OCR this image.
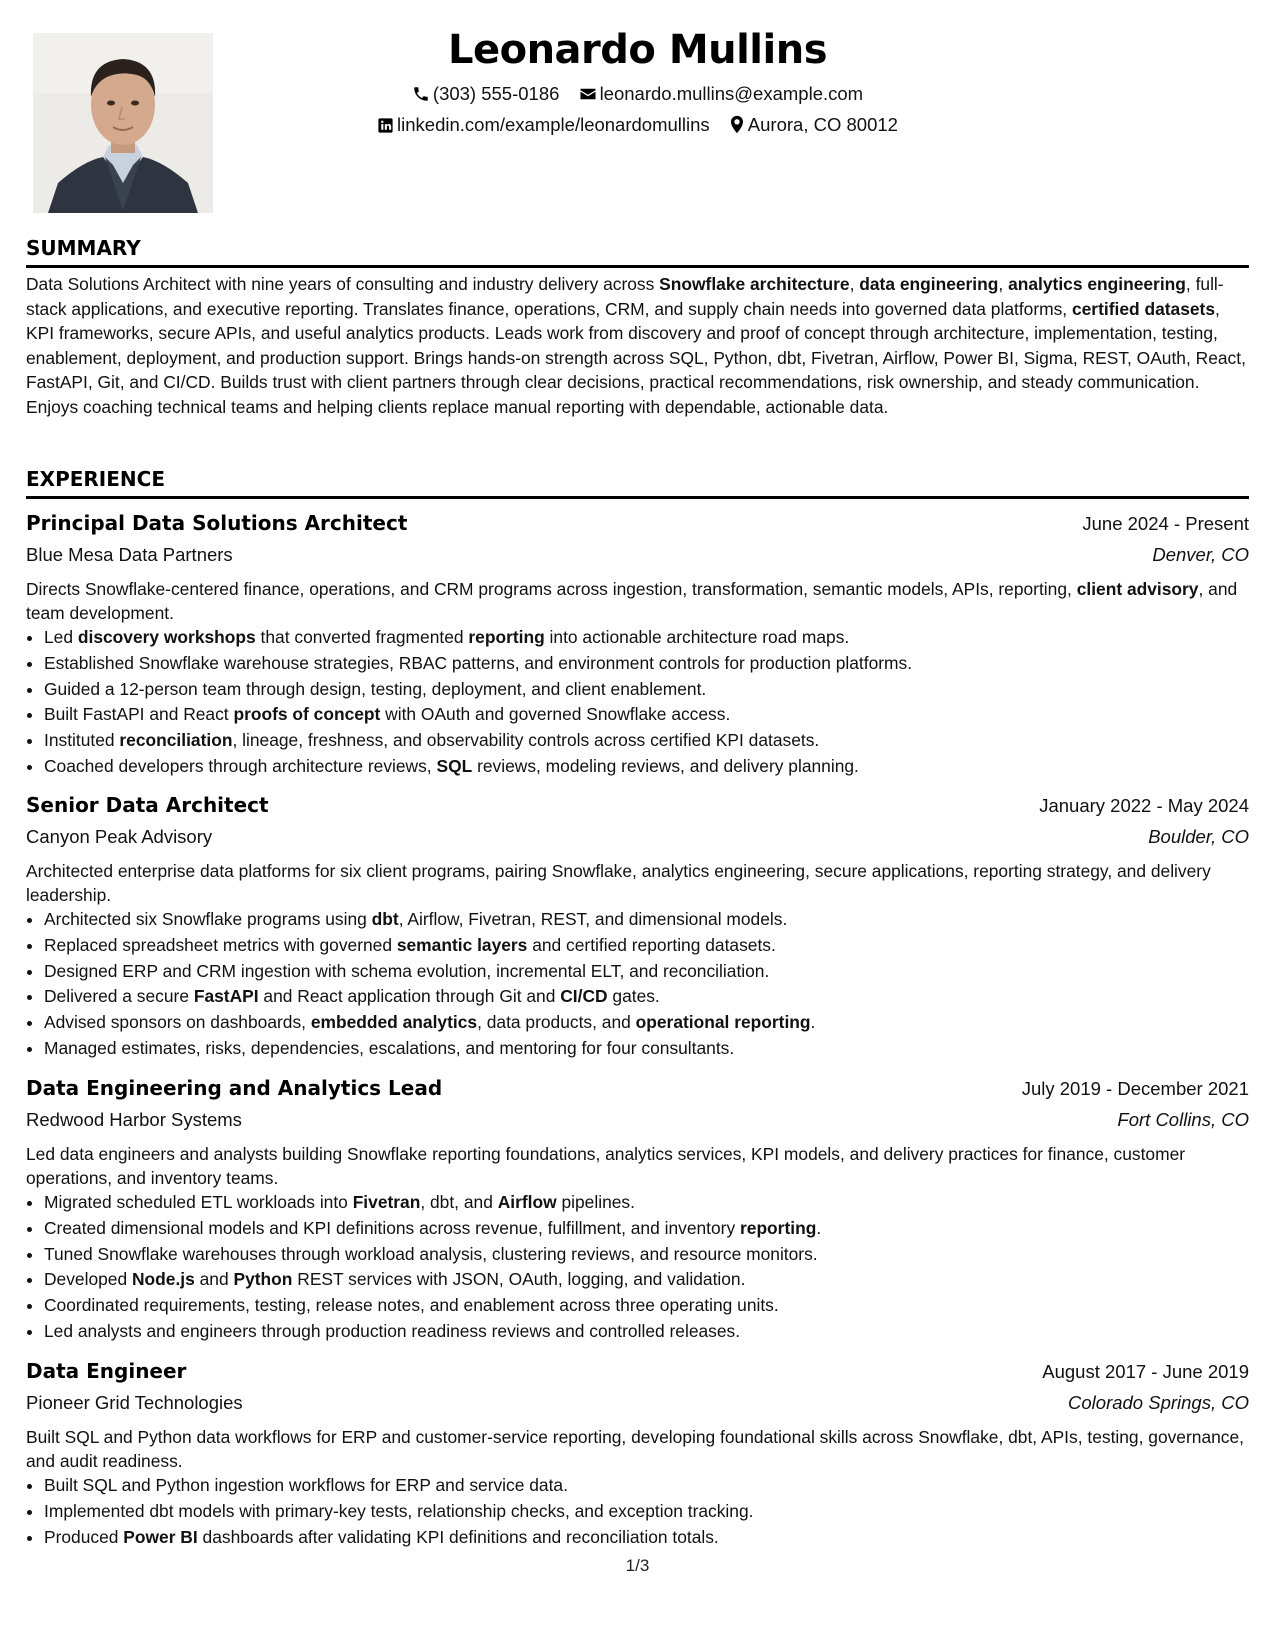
Leonardo Mullins
(303) 555-0186 leonardo.mullins@example.com
linkedin.com/example/leonardomullins Aurora, CO 80012
SUMMARY

Data Solutions Architect with nine years of consulting and industry delivery across Snowflake architecture, data engineering, analytics engineering, full-stack applications, and executive reporting. Translates finance, operations, CRM, and supply chain needs into governed data platforms, certified datasets, KPI frameworks, secure APIs, and useful analytics products. Leads work from discovery and proof of concept through architecture, implementation, testing, enablement, deployment, and production support. Brings hands-on strength across SQL, Python, dbt, Fivetran, Airflow, Power BI, Sigma, REST, OAuth, React, FastAPI, Git, and CI/CD. Builds trust with client partners through clear decisions, practical recommendations, risk ownership, and steady communication. Enjoys coaching technical teams and helping clients replace manual reporting with dependable, actionable data.

EXPERIENCE
Principal Data Solutions Architect	June 2024 - Present
Blue Mesa Data Partners	Denver, CO
Directs Snowflake-centered finance, operations, and CRM programs across ingestion, transformation, semantic models, APIs, reporting, client advisory, and team development.
• Led discovery workshops that converted fragmented reporting into actionable architecture road maps.
• Established Snowflake warehouse strategies, RBAC patterns, and environment controls for production platforms.
• Guided a 12-person team through design, testing, deployment, and client enablement.
• Built FastAPI and React proofs of concept with OAuth and governed Snowflake access.
• Instituted reconciliation, lineage, freshness, and observability controls across certified KPI datasets.
• Coached developers through architecture reviews, SQL reviews, modeling reviews, and delivery planning.
Senior Data Architect	January 2022 - May 2024
Canyon Peak Advisory	Boulder, CO
Architected enterprise data platforms for six client programs, pairing Snowflake, analytics engineering, secure applications, reporting strategy, and delivery leadership.
• Architected six Snowflake programs using dbt, Airflow, Fivetran, REST, and dimensional models.
• Replaced spreadsheet metrics with governed semantic layers and certified reporting datasets.
• Designed ERP and CRM ingestion with schema evolution, incremental ELT, and reconciliation.
• Delivered a secure FastAPI and React application through Git and CI/CD gates.
• Advised sponsors on dashboards, embedded analytics, data products, and operational reporting.
• Managed estimates, risks, dependencies, escalations, and mentoring for four consultants.
Data Engineering and Analytics Lead	July 2019 - December 2021
Redwood Harbor Systems	Fort Collins, CO
Led data engineers and analysts building Snowflake reporting foundations, analytics services, KPI models, and delivery practices for finance, customer operations, and inventory teams.
• Migrated scheduled ETL workloads into Fivetran, dbt, and Airflow pipelines.
• Created dimensional models and KPI definitions across revenue, fulfillment, and inventory reporting.
• Tuned Snowflake warehouses through workload analysis, clustering reviews, and resource monitors.
• Developed Node.js and Python REST services with JSON, OAuth, logging, and validation.
• Coordinated requirements, testing, release notes, and enablement across three operating units.
• Led analysts and engineers through production readiness reviews and controlled releases.
Data Engineer	August 2017 - June 2019
Pioneer Grid Technologies	Colorado Springs, CO
Built SQL and Python data workflows for ERP and customer-service reporting, developing foundational skills across Snowflake, dbt, APIs, testing, governance, and audit readiness.
• Built SQL and Python ingestion workflows for ERP and service data.
• Implemented dbt models with primary-key tests, relationship checks, and exception tracking.
• Produced Power BI dashboards after validating KPI definitions and reconciliation totals.
1/3
